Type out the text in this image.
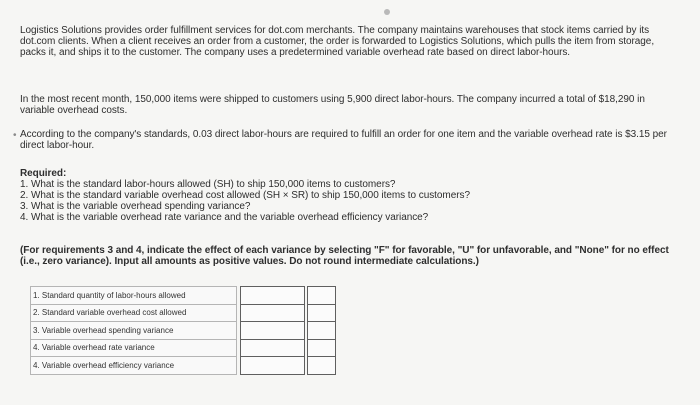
Logistics Solutions provides order fulfillment services for dot.com merchants. The company maintains warehouses that stock items carried by its dot.com clients. When a client receives an order from a customer, the order is forwarded to Logistics Solutions, which pulls the item from storage, packs it, and ships it to the customer. The company uses a predetermined variable overhead rate based on direct labor-hours.
In the most recent month, 150,000 items were shipped to customers using 5,900 direct labor-hours. The company incurred a total of $18,290 in variable overhead costs.
• According to the company's standards, 0.03 direct labor-hours are required to fulfill an order for one item and the variable overhead rate is $3.15 per direct labor-hour.
Required:
1. What is the standard labor-hours allowed (SH) to ship 150,000 items to customers?
2. What is the standard variable overhead cost allowed (SH × SR) to ship 150,000 items to customers?
3. What is the variable overhead spending variance?
4. What is the variable overhead rate variance and the variable overhead efficiency variance?
(For requirements 3 and 4, indicate the effect of each variance by selecting "F" for favorable, "U" for unfavorable, and "None" for no effect (i.e., zero variance). Input all amounts as positive values. Do not round intermediate calculations.)
1. Standard quantity of labor-hours allowed				
2. Standard variable overhead cost allowed				
3. Variable overhead spending variance				
4. Variable overhead rate variance				
4. Variable overhead efficiency variance				
